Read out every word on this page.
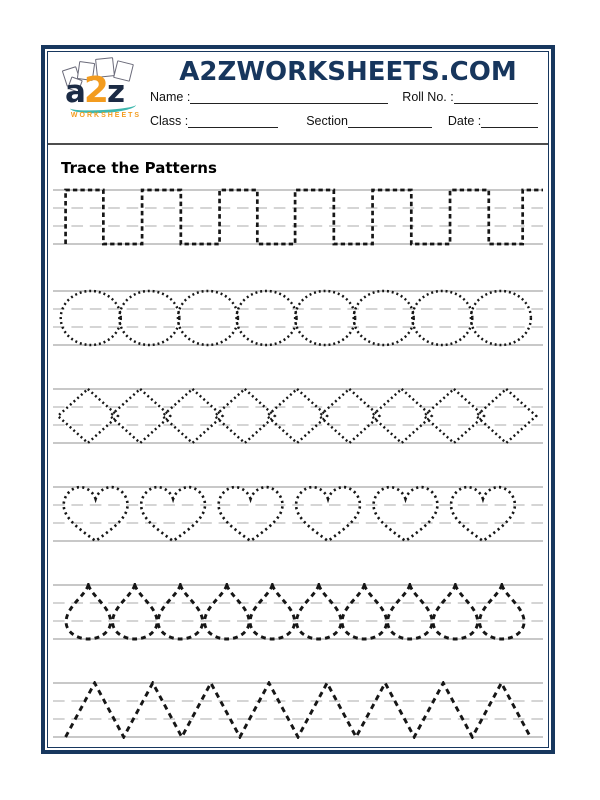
a2z
WORKSHEETS
A2ZWORKSHEETS.COM
Name :	Roll No. :
Class :	Section	Date :
Trace the Patterns
